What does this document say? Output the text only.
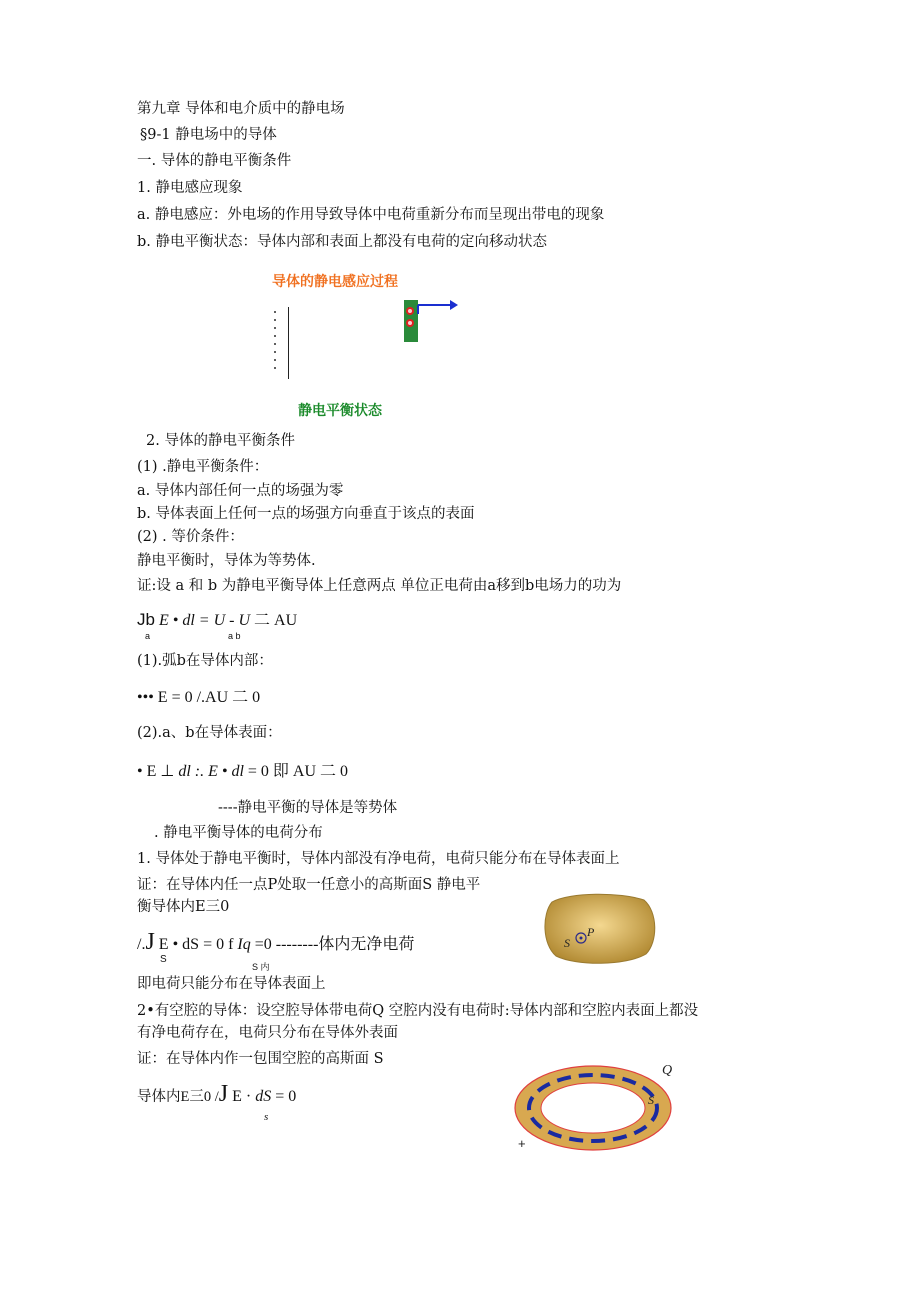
第九章 导体和电介质中的静电场
§9-1 静电场中的导体
一. 导体的静电平衡条件
1. 静电感应现象
a. 静电感应：外电场的作用导致导体中电荷重新分布而呈现出带电的现象
b. 静电平衡状态：导体内部和表面上都没有电荷的定向移动状态
导体的静电感应过程
静电平衡状态
2. 导体的静电平衡条件
(1) .静电平衡条件：
a. 导体内部任何一点的场强为零
b. 导体表面上任何一点的场强方向垂直于该点的表面
(2) . 等价条件：
静电平衡时，导体为等势体.
证:设 a 和 b 为静电平衡导体上任意两点 单位正电荷由a移到b电场力的功为
Jb E • dl = U - U 二 AU
a	a b
(1).弧b在导体内部：
••• E = 0 /.AU 二 0
(2).a、b在导体表面：
• E ⊥ dl :. E • dl = 0 即 AU 二 0
----静电平衡的导体是等势体
. 静电平衡导体的电荷分布
1. 导体处于静电平衡时，导体内部没有净电荷，电荷只能分布在导体表面上
证：在导体内任一点P处取一任意小的高斯面S 静电平
衡导体内E三0
/.J E • dS = 0 f Iq =0 --------体内无净电荷
S
S 内
S
P
即电荷只能分布在导体表面上
2•有空腔的导体：设空腔导体带电荷Q 空腔内没有电荷时:导体内部和空腔内表面上都没
有净电荷存在，电荷只分布在导体外表面
证：在导体内作一包围空腔的高斯面 S
导体内E三0 /J E · dS = 0
s
Q
S
+
